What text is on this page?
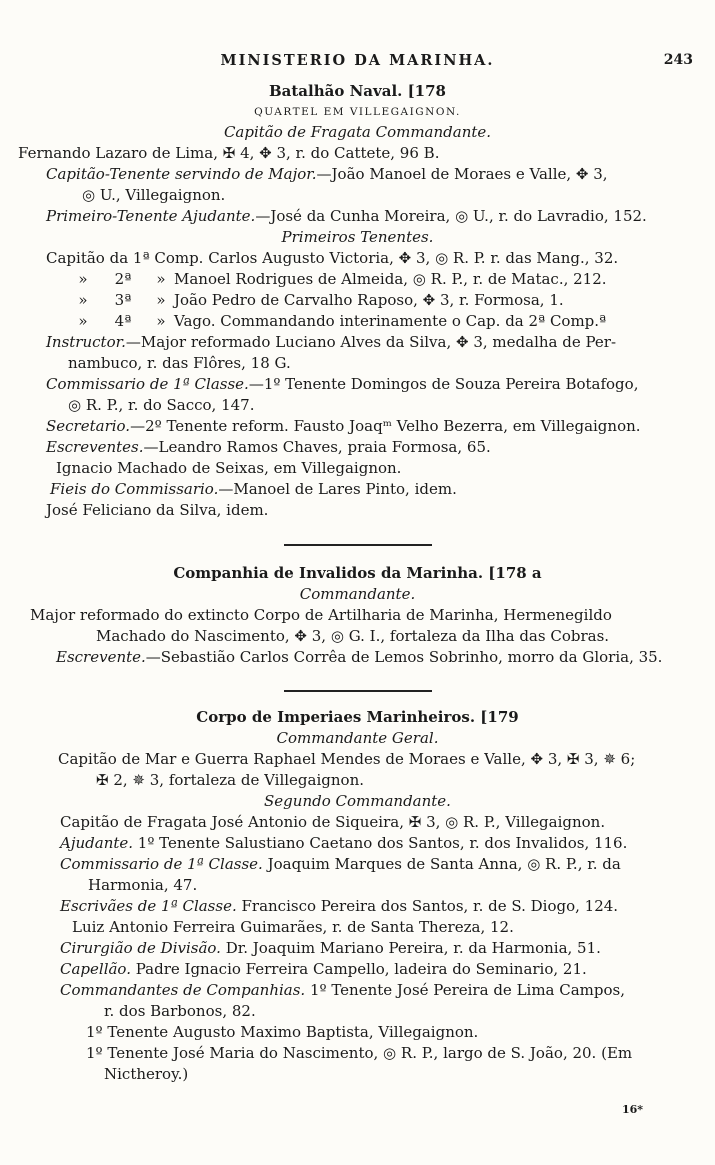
MINISTERIO DA MARINHA.	243

Batalhão Naval. [178

QUARTEL EM VILLEGAIGNON.

Capitão de Fragata Commandante.

Fernando Lazaro de Lima, ✠ 4, ✥ 3, r. do Cattete, 96 B.

Capitão-Tenente servindo de Major.—João Manoel de Moraes e Valle, ✥ 3,

◎ U., Villegaignon.

Primeiro-Tenente Ajudante.—José da Cunha Moreira, ◎ U., r. do Lavradio, 152.

Primeiros Tenentes.

Capitão da 1ª Comp. Carlos Augusto Victoria, ✥ 3, ◎ R. P. r. das Mang., 32.

» 2ª » Manoel Rodrigues de Almeida, ◎ R. P., r. de Matac., 212.

» 3ª » João Pedro de Carvalho Raposo, ✥ 3, r. Formosa, 1.

» 4ª » Vago. Commandando interinamente o Cap. da 2ª Comp.ª

Instructor.—Major reformado Luciano Alves da Silva, ✥ 3, medalha de Per-

nambuco, r. das Flôres, 18 G.

Commissario de 1ª Classe.—1º Tenente Domingos de Souza Pereira Botafogo,

◎ R. P., r. do Sacco, 147.

Secretario.—2º Tenente reform. Fausto Joaqᵐ Velho Bezerra, em Villegaignon.

Escreventes.—Leandro Ramos Chaves, praia Formosa, 65.

Ignacio Machado de Seixas, em Villegaignon.

Fieis do Commissario.—Manoel de Lares Pinto, idem.

José Feliciano da Silva, idem.

Companhia de Invalidos da Marinha. [178 a

Commandante.

Major reformado do extincto Corpo de Artilharia de Marinha, Hermenegildo

Machado do Nascimento, ✥ 3, ◎ G. I., fortaleza da Ilha das Cobras.

Escrevente.—Sebastião Carlos Corrêa de Lemos Sobrinho, morro da Gloria, 35.

Corpo de Imperiaes Marinheiros. [179

Commandante Geral.

Capitão de Mar e Guerra Raphael Mendes de Moraes e Valle, ✥ 3, ✠ 3, ✵ 6;

✠ 2, ✵ 3, fortaleza de Villegaignon.

Segundo Commandante.

Capitão de Fragata José Antonio de Siqueira, ✠ 3, ◎ R. P., Villegaignon.

Ajudante. 1º Tenente Salustiano Caetano dos Santos, r. dos Invalidos, 116.

Commissario de 1ª Classe. Joaquim Marques de Santa Anna, ◎ R. P., r. da

Harmonia, 47.

Escrivães de 1ª Classe. Francisco Pereira dos Santos, r. de S. Diogo, 124.

Luiz Antonio Ferreira Guimarães, r. de Santa Thereza, 12.

Cirurgião de Divisão. Dr. Joaquim Mariano Pereira, r. da Harmonia, 51.

Capellão. Padre Ignacio Ferreira Campello, ladeira do Seminario, 21.

Commandantes de Companhias. 1º Tenente José Pereira de Lima Campos,

r. dos Barbonos, 82.

1º Tenente Augusto Maximo Baptista, Villegaignon.

1º Tenente José Maria do Nascimento, ◎ R. P., largo de S. João, 20. (Em

Nictheroy.)

16*
